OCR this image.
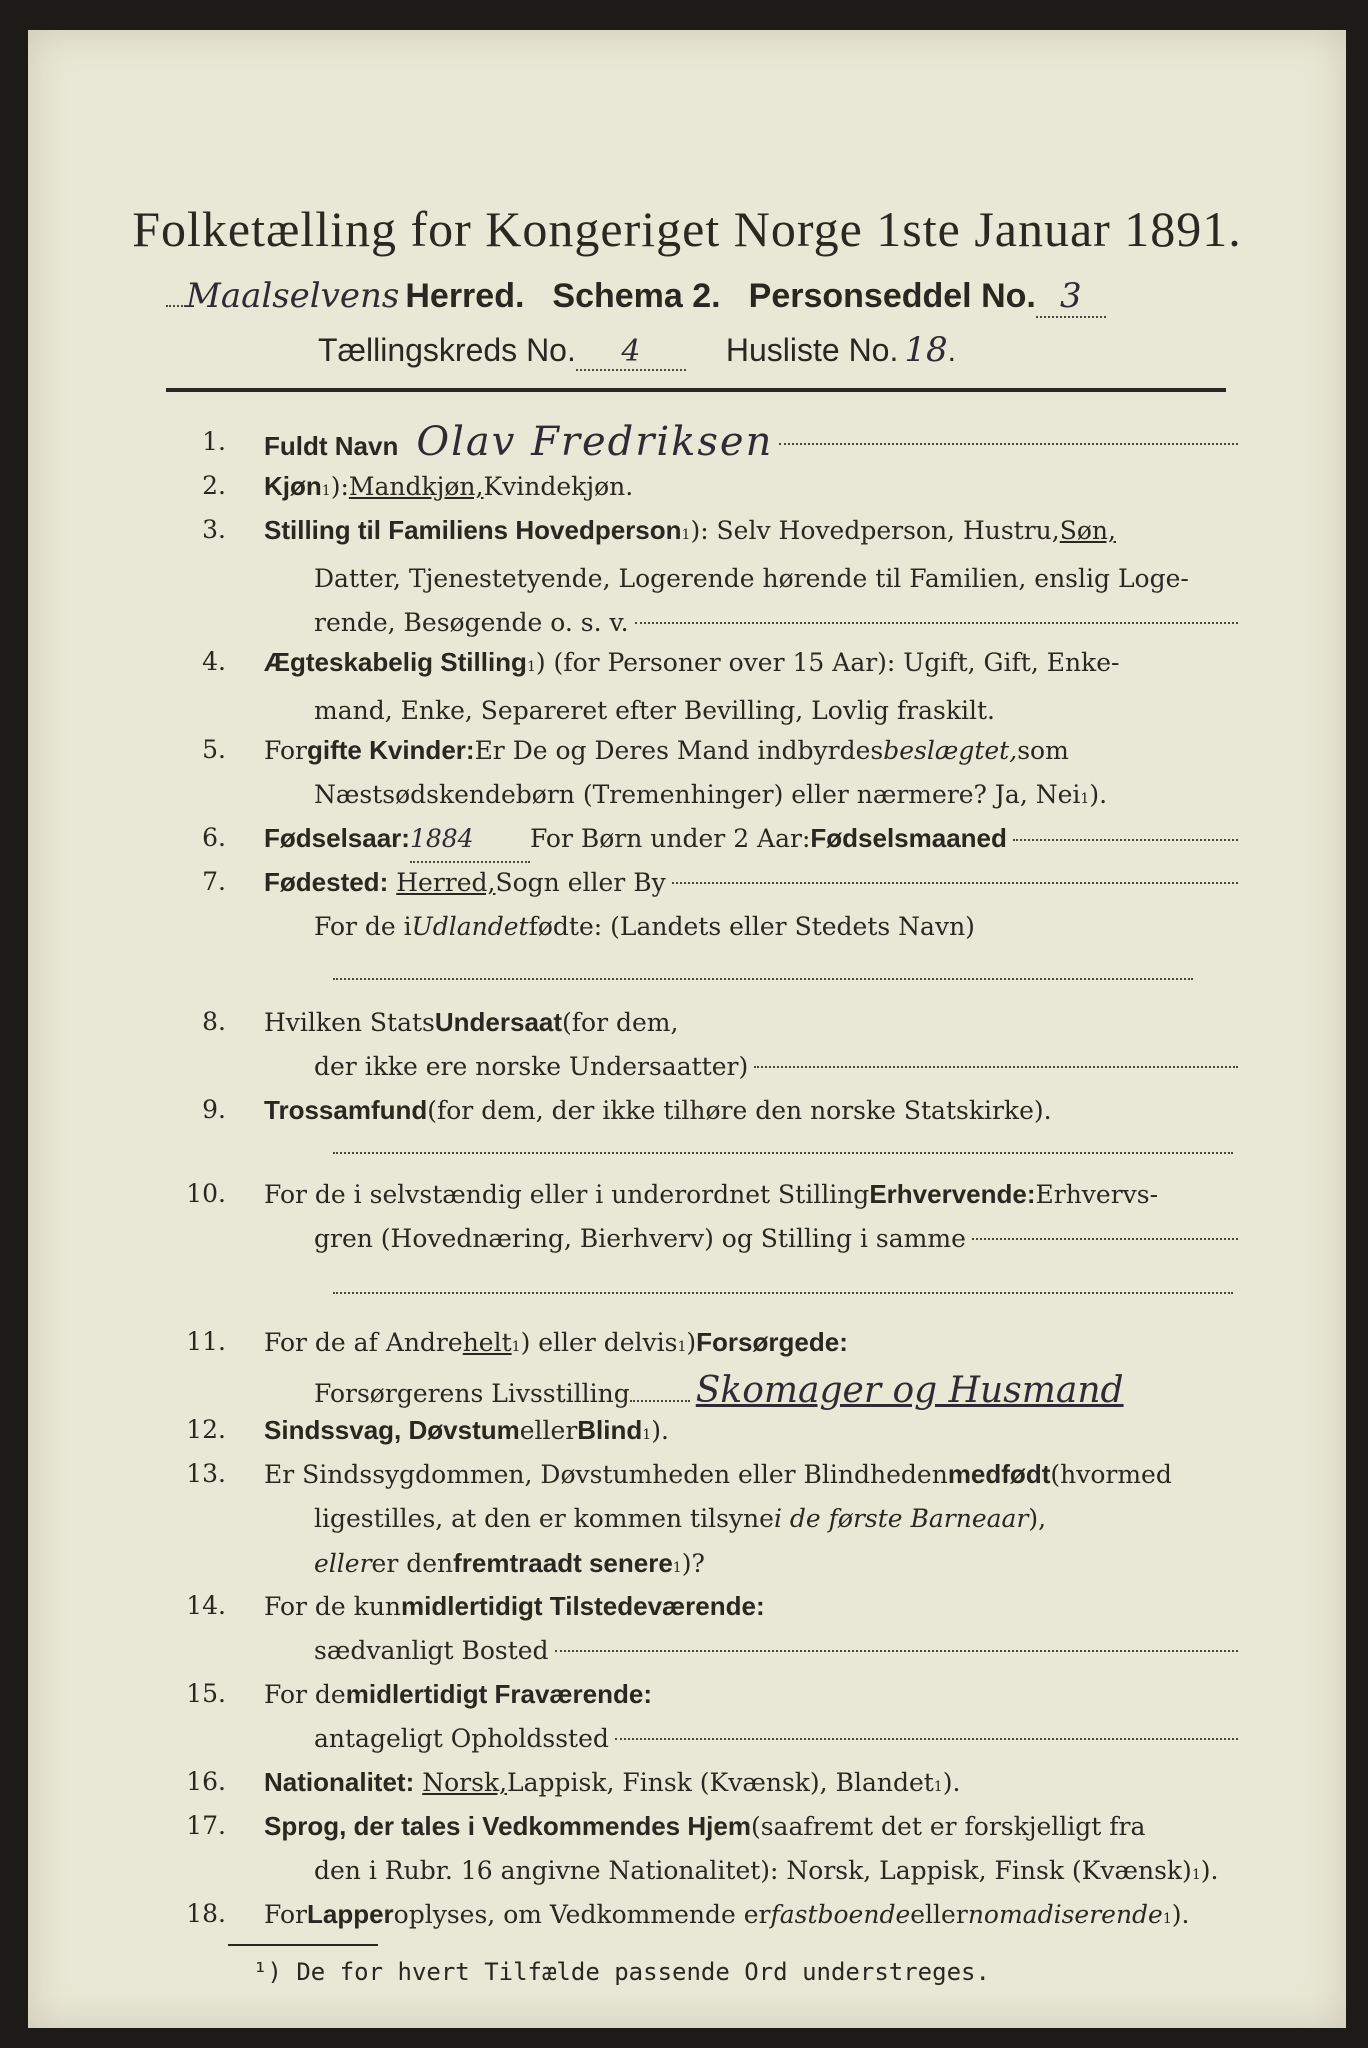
Folketælling for Kongeriget Norge 1ste Januar 1891.
Maalselvens Herred. Schema 2. Personseddel No. 3
Tællingskreds No.	4	Husliste No. 18 .
1. Fuldt Navn Olav Fredriksen
2. Kjøn$_1$ ): Mandkjøn, Kvindekjøn.
3. Stilling til Familiens Hovedperson$_1$ ): Selv Hovedperson, Hustru, Søn,
Datter, Tjenestetyende, Logerende hørende til Familien, enslig Loge-
rende, Besøgende o. s. v.
4. Ægteskabelig Stilling$_1$ ) (for Personer over 15 Aar): Ugift, Gift, Enke-
mand, Enke, Separeret efter Bevilling, Lovlig fraskilt.
5. For gifte Kvinder: Er De og Deres Mand indbyrdes beslægtet, som
Næstsødskendebørn (Tremenhinger) eller nærmere? Ja, Nei 1 ).
6. Fødselsaar: 1884	For Børn under 2 Aar: Fødselsmaaned
7. Fødested: Herred, Sogn eller By
For de i Udlandet fødte: (Landets eller Stedets Navn)
8. Hvilken Stats Undersaat (for dem,
der ikke ere norske Undersaatter)
9. Trossamfund (for dem, der ikke tilhøre den norske Statskirke).
10. For de i selvstændig eller i underordnet Stilling Erhvervende: Erhvervs-
gren (Hovednæring, Bierhverv) og Stilling i samme
11. For de af Andre helt 1 ) eller delvis 1 ) Forsørgede:
Forsørgerens Livsstilling Skomager og Husmand
12. Sindssvag, Døvstum eller Blind$_1$ ).
13. Er Sindssygdommen, Døvstumheden eller Blindheden medfødt (hvormed
ligestilles, at den er kommen tilsyne i de første Barneaar ),
eller er den fremtraadt senere$_1$ )?
14. For de kun midlertidigt Tilstedeværende:
sædvanligt Bosted
15. For de midlertidigt Fraværende:
antageligt Opholdssted
16. Nationalitet: Norsk, Lappisk, Finsk (Kvænsk), Blandet 1 ).
17. Sprog, der tales i Vedkommendes Hjem (saafremt det er forskjelligt fra
den i Rubr. 16 angivne Nationalitet): Norsk, Lappisk, Finsk (Kvænsk) 1 ).
18. For Lapper oplyses, om Vedkommende er fastboende eller nomadiserende 1 ).
¹) De for hvert Tilfælde passende Ord understreges.
